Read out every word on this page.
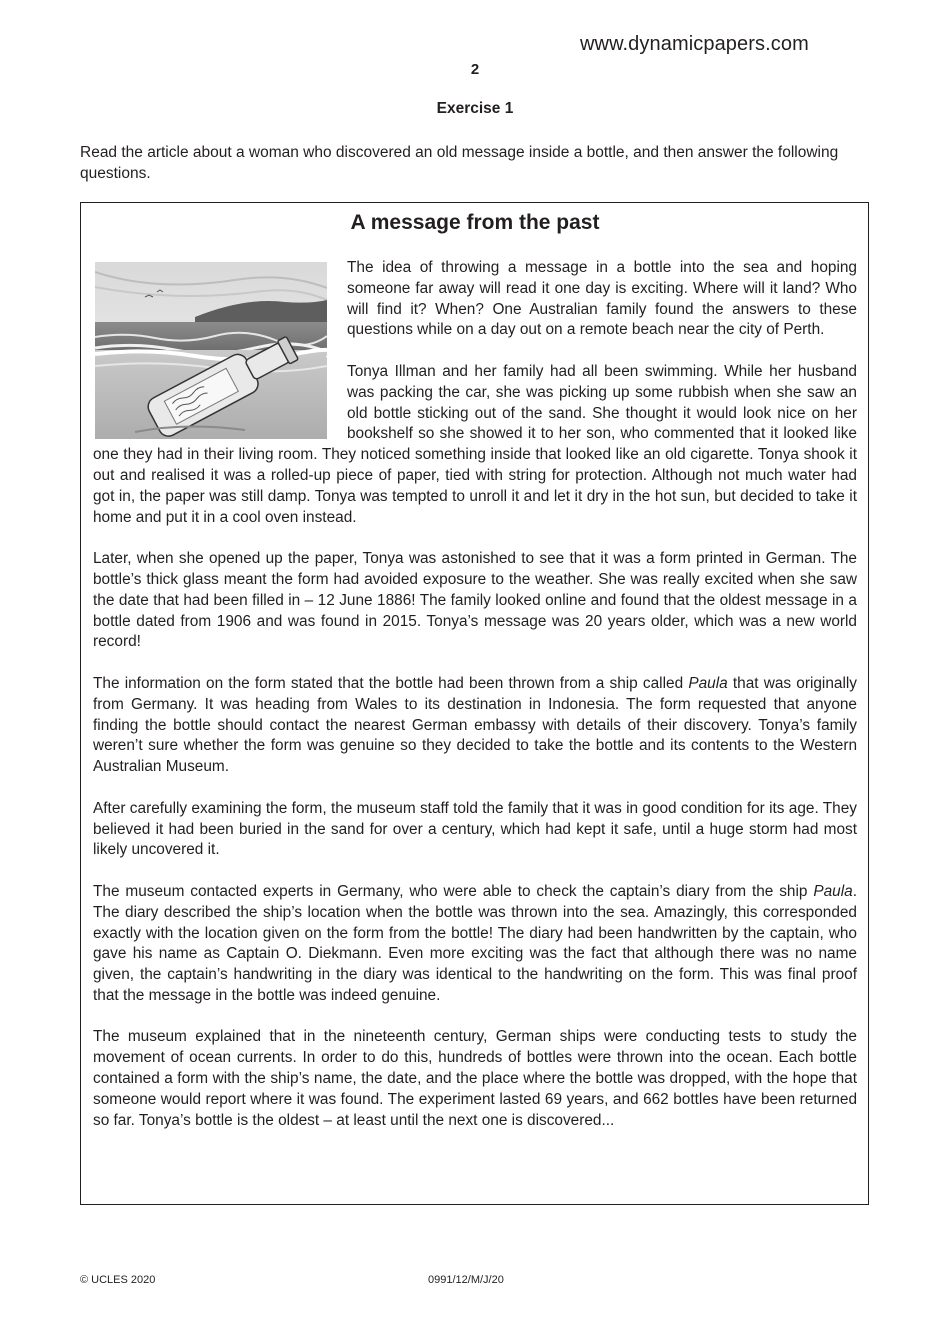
www.dynamicpapers.com
2
Exercise 1
Read the article about a woman who discovered an old message inside a bottle, and then answer the following questions.
A message from the past

The idea of throwing a message in a bottle into the sea and hoping someone far away will read it one day is exciting. Where will it land? Who will find it? When? One Australian family found the answers to these questions while on a day out on a remote beach near the city of Perth.

Tonya Illman and her family had all been swimming. While her husband was packing the car, she was picking up some rubbish when she saw an old bottle sticking out of the sand. She thought it would look nice on her bookshelf so she showed it to her son, who commented that it looked like one they had in their living room. They noticed something inside that looked like an old cigarette. Tonya shook it out and realised it was a rolled-up piece of paper, tied with string for protection. Although not much water had got in, the paper was still damp. Tonya was tempted to unroll it and let it dry in the hot sun, but decided to take it home and put it in a cool oven instead.

Later, when she opened up the paper, Tonya was astonished to see that it was a form printed in German. The bottle’s thick glass meant the form had avoided exposure to the weather. She was really excited when she saw the date that had been filled in – 12 June 1886! The family looked online and found that the oldest message in a bottle dated from 1906 and was found in 2015. Tonya’s message was 20 years older, which was a new world record!

The information on the form stated that the bottle had been thrown from a ship called Paula that was originally from Germany. It was heading from Wales to its destination in Indonesia. The form requested that anyone finding the bottle should contact the nearest German embassy with details of their discovery. Tonya’s family weren’t sure whether the form was genuine so they decided to take the bottle and its contents to the Western Australian Museum.

After carefully examining the form, the museum staff told the family that it was in good condition for its age. They believed it had been buried in the sand for over a century, which had kept it safe, until a huge storm had most likely uncovered it.

The museum contacted experts in Germany, who were able to check the captain’s diary from the ship Paula. The diary described the ship’s location when the bottle was thrown into the sea. Amazingly, this corresponded exactly with the location given on the form from the bottle! The diary had been handwritten by the captain, who gave his name as Captain O. Diekmann. Even more exciting was the fact that although there was no name given, the captain’s handwriting in the diary was identical to the handwriting on the form. This was final proof that the message in the bottle was indeed genuine.

The museum explained that in the nineteenth century, German ships were conducting tests to study the movement of ocean currents. In order to do this, hundreds of bottles were thrown into the ocean. Each bottle contained a form with the ship’s name, the date, and the place where the bottle was dropped, with the hope that someone would report where it was found. The experiment lasted 69 years, and 662 bottles have been returned so far. Tonya’s bottle is the oldest – at least until the next one is discovered...

© UCLES 2020	0991/12/M/J/20
